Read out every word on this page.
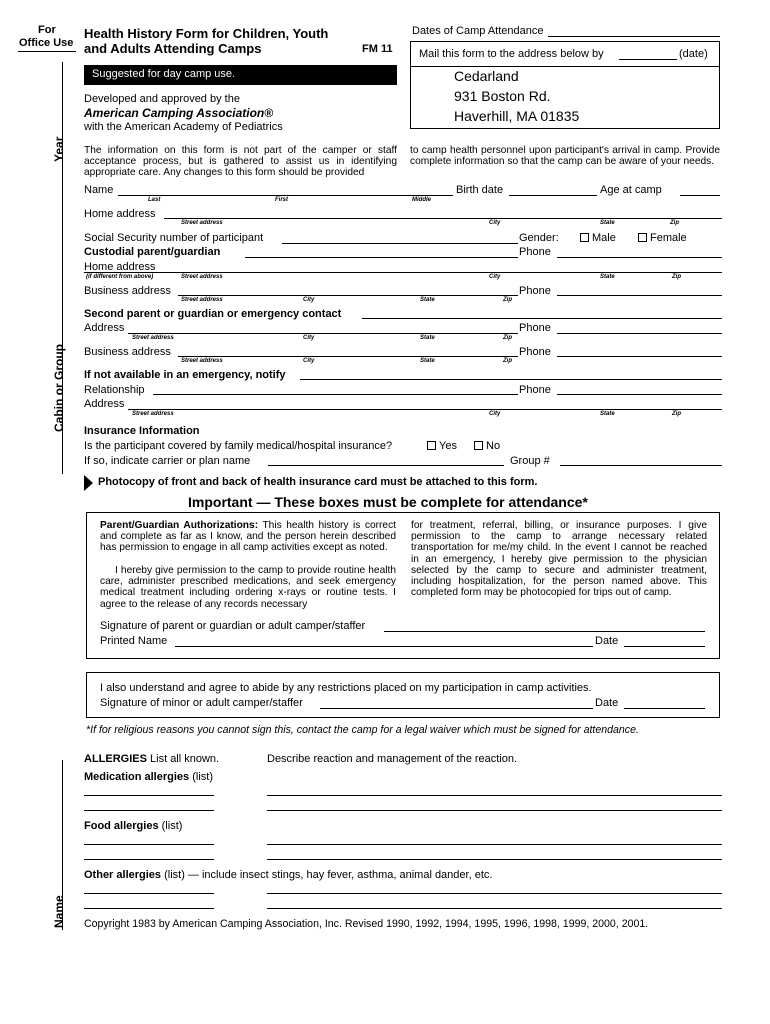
For
Office Use
Year
Cabin or Group
Name
Health History Form for Children, Youth
and Adults Attending Camps	FM 11
Suggested for day camp use.
Developed and approved by the
American Camping Association®
with the American Academy of Pediatrics
Dates of Camp Attendance
Mail this form to the address below by	(date)
Cedarland
931 Boston Rd.
Haverhill, MA 01835
The information on this form is not part of the camper or staff acceptance process, but is gathered to assist us in identifying appropriate care. Any changes to this form should be provided
to camp health personnel upon participant's arrival in camp. Provide complete information so that the camp can be aware of your needs.
Name
Last	First	Middle
Birth date	Age at camp
Home address
Street address	City	State	Zip
Social Security number of participant	Gender:	Male	Female
Custodial parent/guardian	Phone
Home address
(if different from above)	Street address	City	State	Zip
Business address
Street address	City	State	Zip
Phone
Second parent or guardian or emergency contact
Address
Street address	City	State	Zip
Phone
Business address
Street address	City	State	Zip
Phone
If not available in an emergency, notify
Relationship	Phone
Address
Street address	City	State	Zip
Insurance Information
Is the participant covered by family medical/hospital insurance?	Yes	No
If so, indicate carrier or plan name	Group #
Photocopy of front and back of health insurance card must be attached to this form.
Important — These boxes must be complete for attendance*
Parent/Guardian Authorizations: This health history is correct and complete as far as I know, and the person herein described has permission to engage in all camp activities except as noted.
I hereby give permission to the camp to provide routine health care, administer prescribed medications, and seek emergency medical treatment including ordering x-rays or routine tests. I agree to the release of any records necessary
for treatment, referral, billing, or insurance purposes. I give permission to the camp to arrange necessary related transportation for me/my child. In the event I cannot be reached in an emergency, I hereby give permission to the physician selected by the camp to secure and administer treatment, including hospitalization, for the person named above. This completed form may be photocopied for trips out of camp.
Signature of parent or guardian or adult camper/staffer
Printed Name	Date
I also understand and agree to abide by any restrictions placed on my participation in camp activities.
Signature of minor or adult camper/staffer	Date
*If for religious reasons you cannot sign this, contact the camp for a legal waiver which must be signed for attendance.
ALLERGIES List all known.	Describe reaction and management of the reaction.
Medication allergies (list)
Food allergies (list)
Other allergies (list) — include insect stings, hay fever, asthma, animal dander, etc.
Copyright 1983 by American Camping Association, Inc. Revised 1990, 1992, 1994, 1995, 1996, 1998, 1999, 2000, 2001.
